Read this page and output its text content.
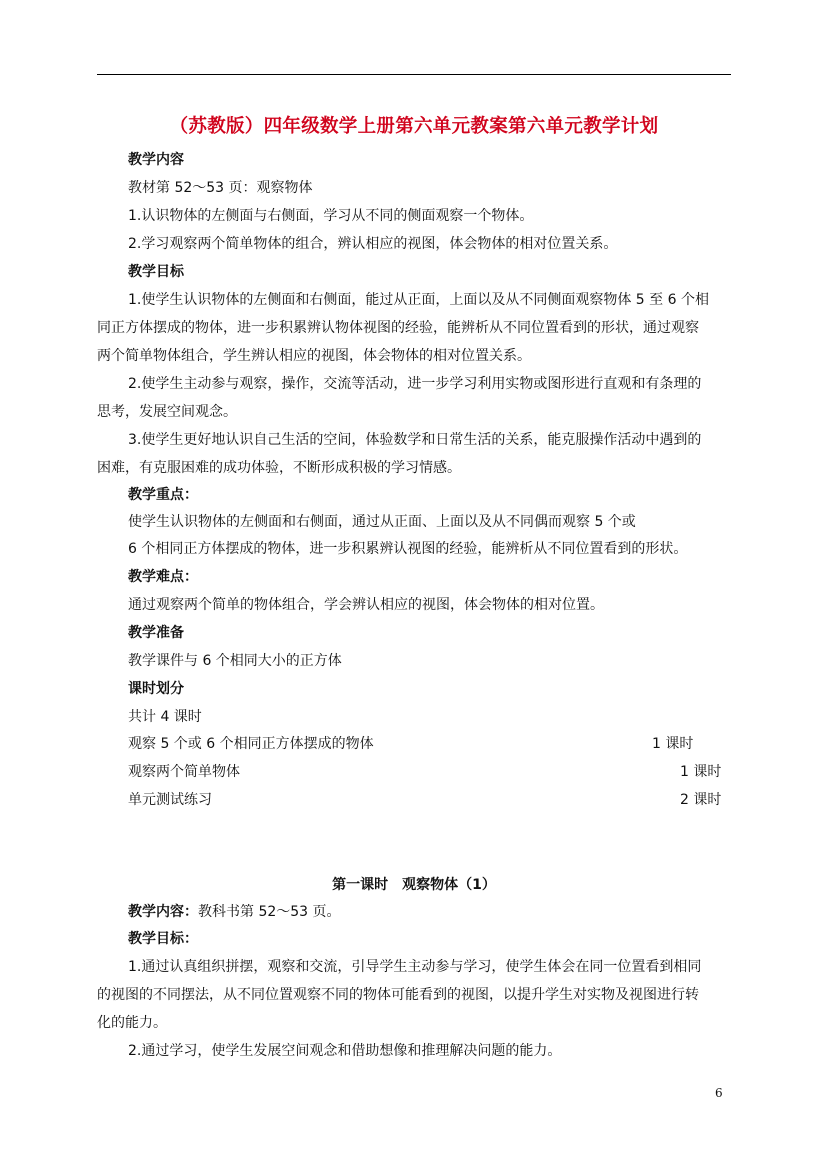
（苏教版）四年级数学上册第六单元教案第六单元教学计划
教学内容
教材第 52～53 页：观察物体
1.认识物体的左侧面与右侧面，学习从不同的侧面观察一个物体。
2.学习观察两个简单物体的组合，辨认相应的视图，体会物体的相对位置关系。
教学目标
1.使学生认识物体的左侧面和右侧面，能过从正面，上面以及从不同侧面观察物体 5 至 6 个相
同正方体摆成的物体，进一步积累辨认物体视图的经验，能辨析从不同位置看到的形状，通过观察
两个简单物体组合，学生辨认相应的视图，体会物体的相对位置关系。
2.使学生主动参与观察，操作，交流等活动，进一步学习利用实物或图形进行直观和有条理的
思考，发展空间观念。
3.使学生更好地认识自己生活的空间，体验数学和日常生活的关系，能克服操作活动中遇到的
困难，有克服困难的成功体验，不断形成积极的学习情感。
教学重点：
使学生认识物体的左侧面和右侧面，通过从正面、上面以及从不同偶而观察 5 个或
6 个相同正方体摆成的物体，进一步积累辨认视图的经验，能辨析从不同位置看到的形状。
教学难点：
通过观察两个简单的物体组合，学会辨认相应的视图，体会物体的相对位置。
教学准备
教学课件与 6 个相同大小的正方体
课时划分
共计 4 课时
观察 5 个或 6 个相同正方体摆成的物体	1 课时
观察两个简单物体	1 课时
单元测试练习	2 课时
第一课时　观察物体（1）
教学内容：教科书第 52～53 页。
教学目标：
1.通过认真组织拼摆，观察和交流，引导学生主动参与学习，使学生体会在同一位置看到相同
的视图的不同摆法，从不同位置观察不同的物体可能看到的视图，以提升学生对实物及视图进行转
化的能力。
2.通过学习，使学生发展空间观念和借助想像和推理解决问题的能力。
6
